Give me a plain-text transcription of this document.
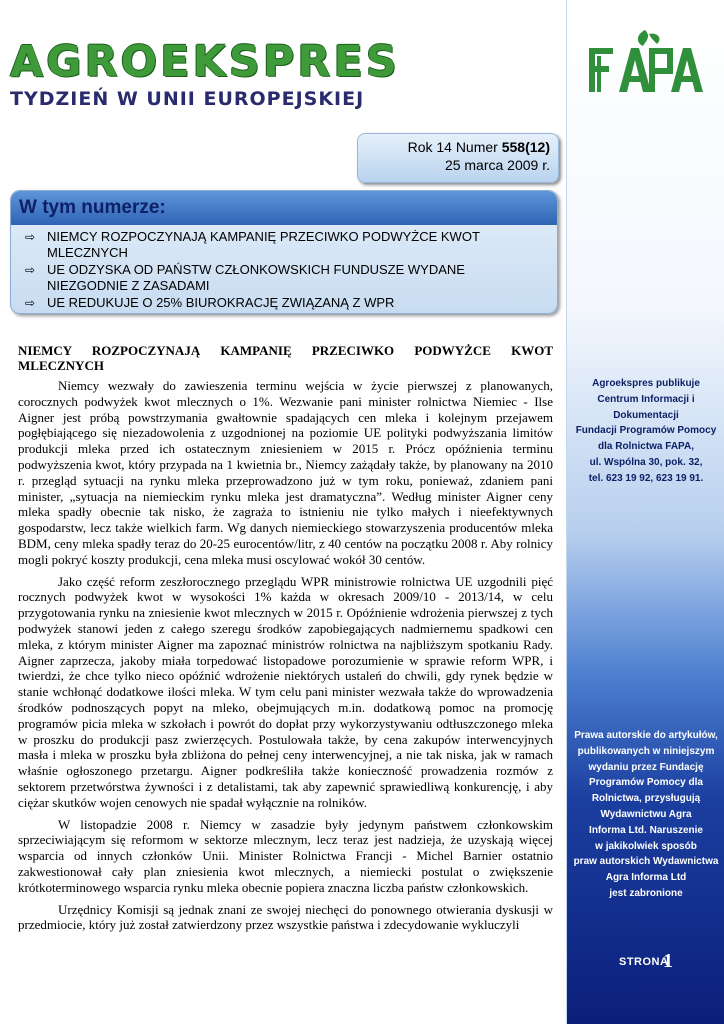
AGROEKSPRES
TYDZIEŃ W UNII EUROPEJSKIEJ
Rok 14 Numer 558(12)
25 marca 2009 r.
W tym numerze:
⇨ NIEMCY ROZPOCZYNAJĄ KAMPANIĘ PRZECIWKO PODWYŻCE KWOT MLECZNYCH
⇨ UE ODZYSKA OD PAŃSTW CZŁONKOWSKICH FUNDUSZE WYDANE NIEZGODNIE Z ZASADAMI
⇨ UE REDUKUJE O 25% BIUROKRACJĘ ZWIĄZANĄ Z WPR
NIEMCY ROZPOCZYNAJĄ KAMPANIĘ PRZECIWKO PODWYŻCE KWOT
MLECZNYCH

Niemcy wezwały do zawieszenia terminu wejścia w życie pierwszej z planowanych, corocznych podwyżek kwot mlecznych o 1%. Wezwanie pani minister rolnictwa Niemiec - Ilse Aigner jest próbą powstrzymania gwałtownie spadających cen mleka i kolejnym przejawem pogłębiającego się niezadowolenia z uzgodnionej na poziomie UE polityki podwyższania limitów produkcji mleka przed ich ostatecznym zniesieniem w 2015 r. Prócz opóźnienia terminu podwyższenia kwot, który przypada na 1 kwietnia br., Niemcy zażądały także, by planowany na 2010 r. przegląd sytuacji na rynku mleka przeprowadzono już w tym roku, ponieważ, zdaniem pani minister, „sytuacja na niemieckim rynku mleka jest dramatyczna”. Według minister Aigner ceny mleka spadły obecnie tak nisko, że zagraża to istnieniu nie tylko małych i nieefektywnych gospodarstw, lecz także wielkich farm. Wg danych niemieckiego stowarzyszenia producentów mleka BDM, ceny mleka spadły teraz do 20-25 eurocentów/litr, z 40 centów na początku 2008 r. Aby rolnicy mogli pokryć koszty produkcji, cena mleka musi oscylować wokół 30 centów.

Jako część reform zeszłorocznego przeglądu WPR ministrowie rolnictwa UE uzgodnili pięć rocznych podwyżek kwot w wysokości 1% każda w okresach 2009/10 - 2013/14, w celu przygotowania rynku na zniesienie kwot mlecznych w 2015 r. Opóźnienie wdrożenia pierwszej z tych podwyżek stanowi jeden z całego szeregu środków zapobiegających nadmiernemu spadkowi cen mleka, z którym minister Aigner ma zapoznać ministrów rolnictwa na najbliższym spotkaniu Rady. Aigner zaprzecza, jakoby miała torpedować listopadowe porozumienie w sprawie reform WPR, i twierdzi, że chce tylko nieco opóźnić wdrożenie niektórych ustaleń do chwili, gdy rynek będzie w stanie wchłonąć dodatkowe ilości mleka. W tym celu pani minister wezwała także do wprowadzenia środków podnoszących popyt na mleko, obejmujących m.in. dodatkową pomoc na promocję programów picia mleka w szkołach i powrót do dopłat przy wykorzystywaniu odtłuszczonego mleka w proszku do produkcji pasz zwierzęcych. Postulowała także, by cena zakupów interwencyjnych masła i mleka w proszku była zbliżona do pełnej ceny interwencyjnej, a nie tak niska, jak w ramach właśnie ogłoszonego przetargu. Aigner podkreśliła także konieczność prowadzenia rozmów z sektorem przetwórstwa żywności i z detalistami, tak aby zapewnić sprawiedliwą konkurencję, i aby ciężar skutków wojen cenowych nie spadał wyłącznie na rolników.

W listopadzie 2008 r. Niemcy w zasadzie były jedynym państwem członkowskim sprzeciwiającym się reformom w sektorze mlecznym, lecz teraz jest nadzieja, że uzyskają więcej wsparcia od innych członków Unii. Minister Rolnictwa Francji - Michel Barnier ostatnio zakwestionował cały plan zniesienia kwot mlecznych, a niemiecki postulat o zwiększenie krótkoterminowego wsparcia rynku mleka obecnie popiera znaczna liczba państw członkowskich.

Urzędnicy Komisji są jednak znani ze swojej niechęci do ponownego otwierania dyskusji w przedmiocie, który już został zatwierdzony przez wszystkie państwa i zdecydowanie wykluczyli

FAPA
Agroekspres publikuje
Centrum Informacji i Dokumentacji
Fundacji Programów Pomocy
dla Rolnictwa FAPA,
ul. Wspólna 30, pok. 32,
tel. 623 19 92, 623 19 91.
Prawa autorskie do artykułów,
publikowanych w niniejszym
wydaniu przez Fundację
Programów Pomocy dla
Rolnictwa, przysługują
Wydawnictwu Agra
Informa Ltd. Naruszenie
w jakikolwiek sposób
praw autorskich Wydawnictwa
Agra Informa Ltd
jest zabronione
STRONA
1
